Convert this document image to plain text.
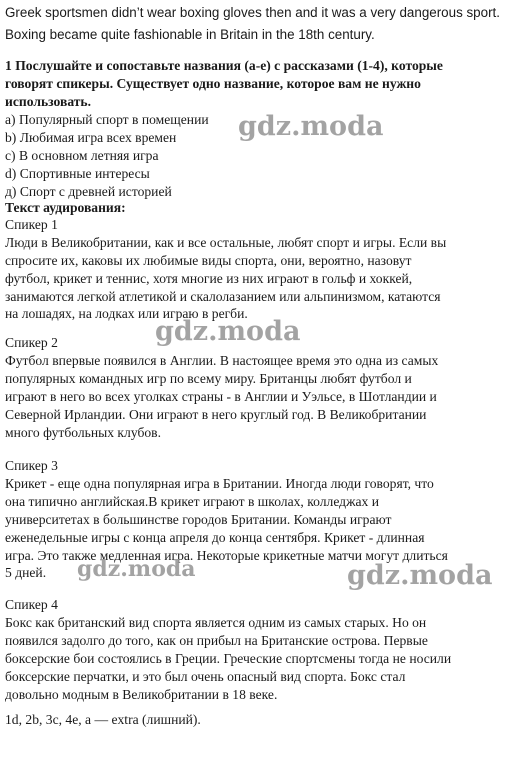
Greek sportsmen didn’t wear boxing gloves then and it was a very dangerous sport.
Boxing became quite fashionable in Britain in the 18th century.
1 Послушайте и сопоставьте названия (a-e) с рассказами (1-4), которые
говорят спикеры. Существует одно название, которое вам не нужно
использовать.
a) Популярный спорт в помещении
b) Любимая игра всех времен
c) В основном летняя игра
d) Спортивные интересы
д) Спорт с древней историей
Текст аудирования:
Спикер 1
Люди в Великобритании, как и все остальные, любят спорт и игры. Если вы
спросите их, каковы их любимые виды спорта, они, вероятно, назовут
футбол, крикет и теннис, хотя многие из них играют в гольф и хоккей,
занимаются легкой атлетикой и скалолазанием или альпинизмом, катаются
на лошадях, на лодках или играю в регби.
Спикер 2
Футбол впервые появился в Англии. В настоящее время это одна из самых
популярных командных игр по всему миру. Британцы любят футбол и
играют в него во всех уголках страны - в Англии и Уэльсе, в Шотландии и
Северной Ирландии. Они играют в него круглый год. В Великобритании
много футбольных клубов.
Спикер 3
Крикет - еще одна популярная игра в Британии. Иногда люди говорят, что
она типично английская.В крикет играют в школах, колледжах и
университетах в большинстве городов Британии. Команды играют
еженедельные игры с конца апреля до конца сентября. Крикет - длинная
игра. Это также медленная игра. Некоторые крикетные матчи могут длиться
5 дней.
Спикер 4
Бокс как британский вид спорта является одним из самых старых. Но он
появился задолго до того, как он прибыл на Британские острова. Первые
боксерские бои состоялись в Греции. Греческие спортсмены тогда не носили
боксерские перчатки, и это был очень опасный вид спорта. Бокс стал
довольно модным в Великобритании в 18 веке.
1d, 2b, 3c, 4e, a — extra (лишний).
gdz.moda
gdz.moda
gdz.moda	gdz.moda
